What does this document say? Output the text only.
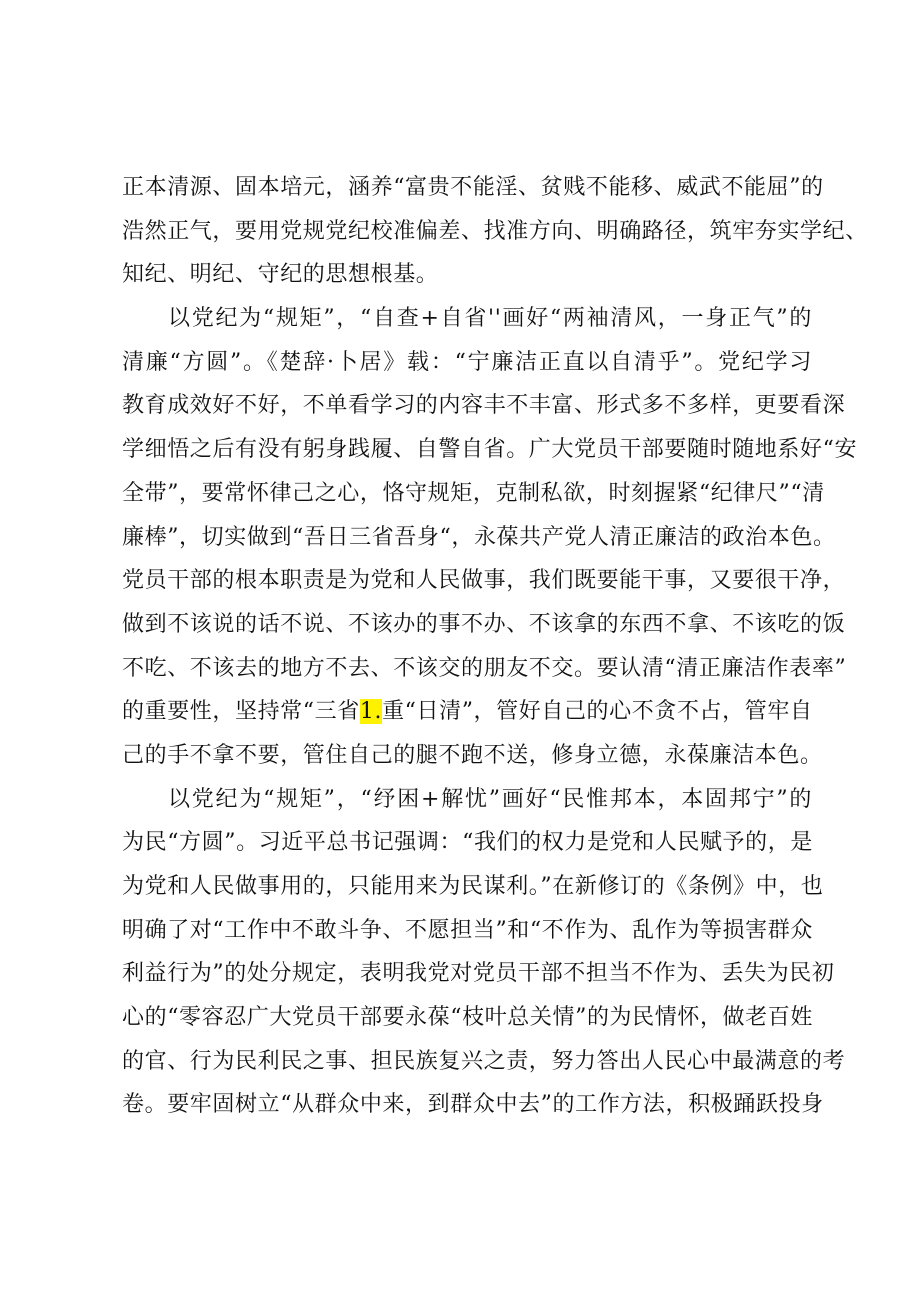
正本清源、固本培元，涵养“富贵不能淫、贫贱不能移、威武不能屈”的
浩然正气，要用党规党纪校准偏差、找准方向、明确路径，筑牢夯实学纪、
知纪、明纪、守纪的思想根基。
以党纪为“规矩”，“自查+自省''画好“两袖清风，一身正气”的
清廉“方圆”。《楚辞·卜居》载：“宁廉洁正直以自清乎”。党纪学习
教育成效好不好，不单看学习的内容丰不丰富、形式多不多样，更要看深
学细悟之后有没有躬身践履、自警自省。广大党员干部要随时随地系好“安
全带”，要常怀律己之心，恪守规矩，克制私欲，时刻握紧“纪律尺”“清
廉棒”，切实做到“吾日三省吾身“，永葆共产党人清正廉洁的政治本色。
党员干部的根本职责是为党和人民做事，我们既要能干事，又要很干净，
做到不该说的话不说、不该办的事不办、不该拿的东西不拿、不该吃的饭
不吃、不该去的地方不去、不该交的朋友不交。要认清“清正廉洁作表率”
的重要性，坚持常“三省1.重“日清”，管好自己的心不贪不占，管牢自
己的手不拿不要，管住自己的腿不跑不送，修身立德，永葆廉洁本色。
以党纪为“规矩”，“纾困+解忧”画好“民惟邦本，本固邦宁”的
为民“方圆”。习近平总书记强调：“我们的权力是党和人民赋予的，是
为党和人民做事用的，只能用来为民谋利。”在新修订的《条例》中，也
明确了对“工作中不敢斗争、不愿担当”和“不作为、乱作为等损害群众
利益行为”的处分规定，表明我党对党员干部不担当不作为、丢失为民初
心的“零容忍广大党员干部要永葆“枝叶总关情”的为民情怀，做老百姓
的官、行为民利民之事、担民族复兴之责，努力答出人民心中最满意的考
卷。要牢固树立“从群众中来，到群众中去”的工作方法，积极踊跃投身
